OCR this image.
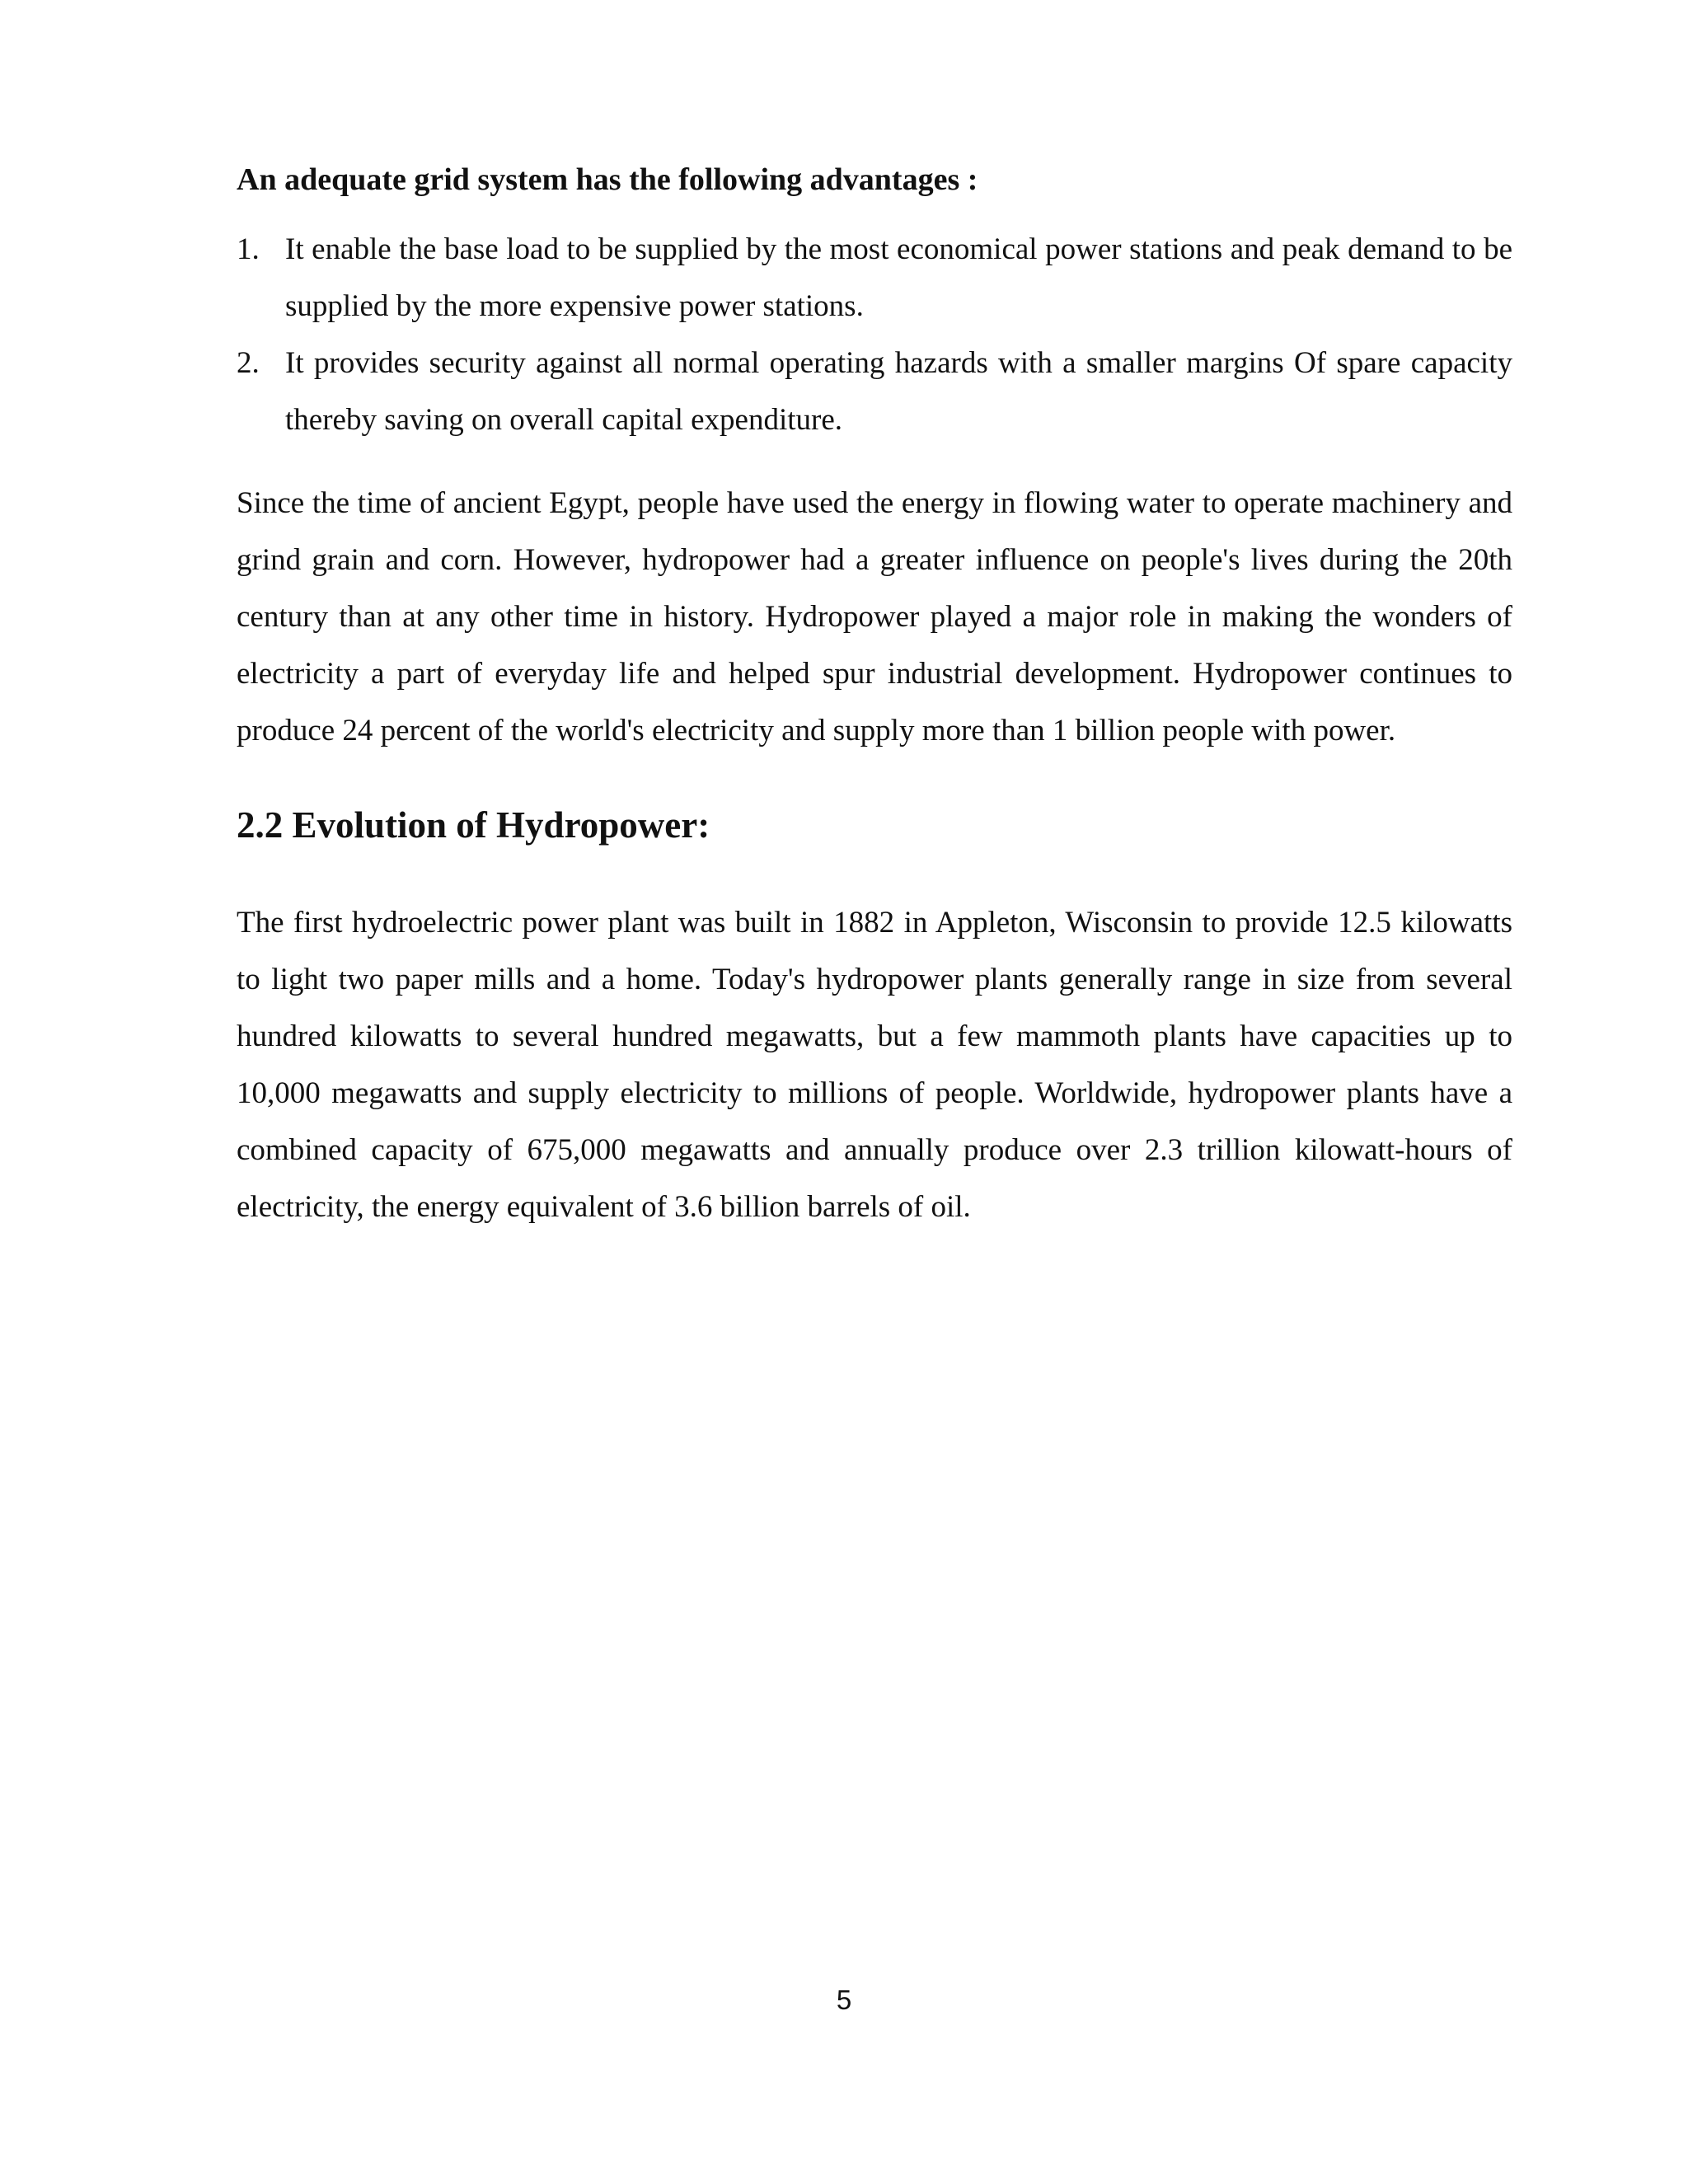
An adequate grid system has the following advantages :
1. It enable the base load to be supplied by the most economical power stations and peak demand to be supplied by the more expensive power stations.
2. It provides security against all normal operating hazards with a smaller margins Of spare capacity thereby saving on overall capital expenditure.

Since the time of ancient Egypt, people have used the energy in flowing water to operate machinery and grind grain and corn. However, hydropower had a greater influence on people's lives during the 20th century than at any other time in history. Hydropower played a major role in making the wonders of electricity a part of everyday life and helped spur industrial development. Hydropower continues to produce 24 percent of the world's electricity and supply more than 1 billion people with power.

2.2 Evolution of Hydropower:

The first hydroelectric power plant was built in 1882 in Appleton, Wisconsin to provide 12.5 kilowatts to light two paper mills and a home. Today's hydropower plants generally range in size from several hundred kilowatts to several hundred megawatts, but a few mammoth plants have capacities up to 10,000 megawatts and supply electricity to millions of people. Worldwide, hydropower plants have a combined capacity of 675,000 megawatts and annually produce over 2.3 trillion kilowatt-hours of electricity, the energy equivalent of 3.6 billion barrels of oil.

5
